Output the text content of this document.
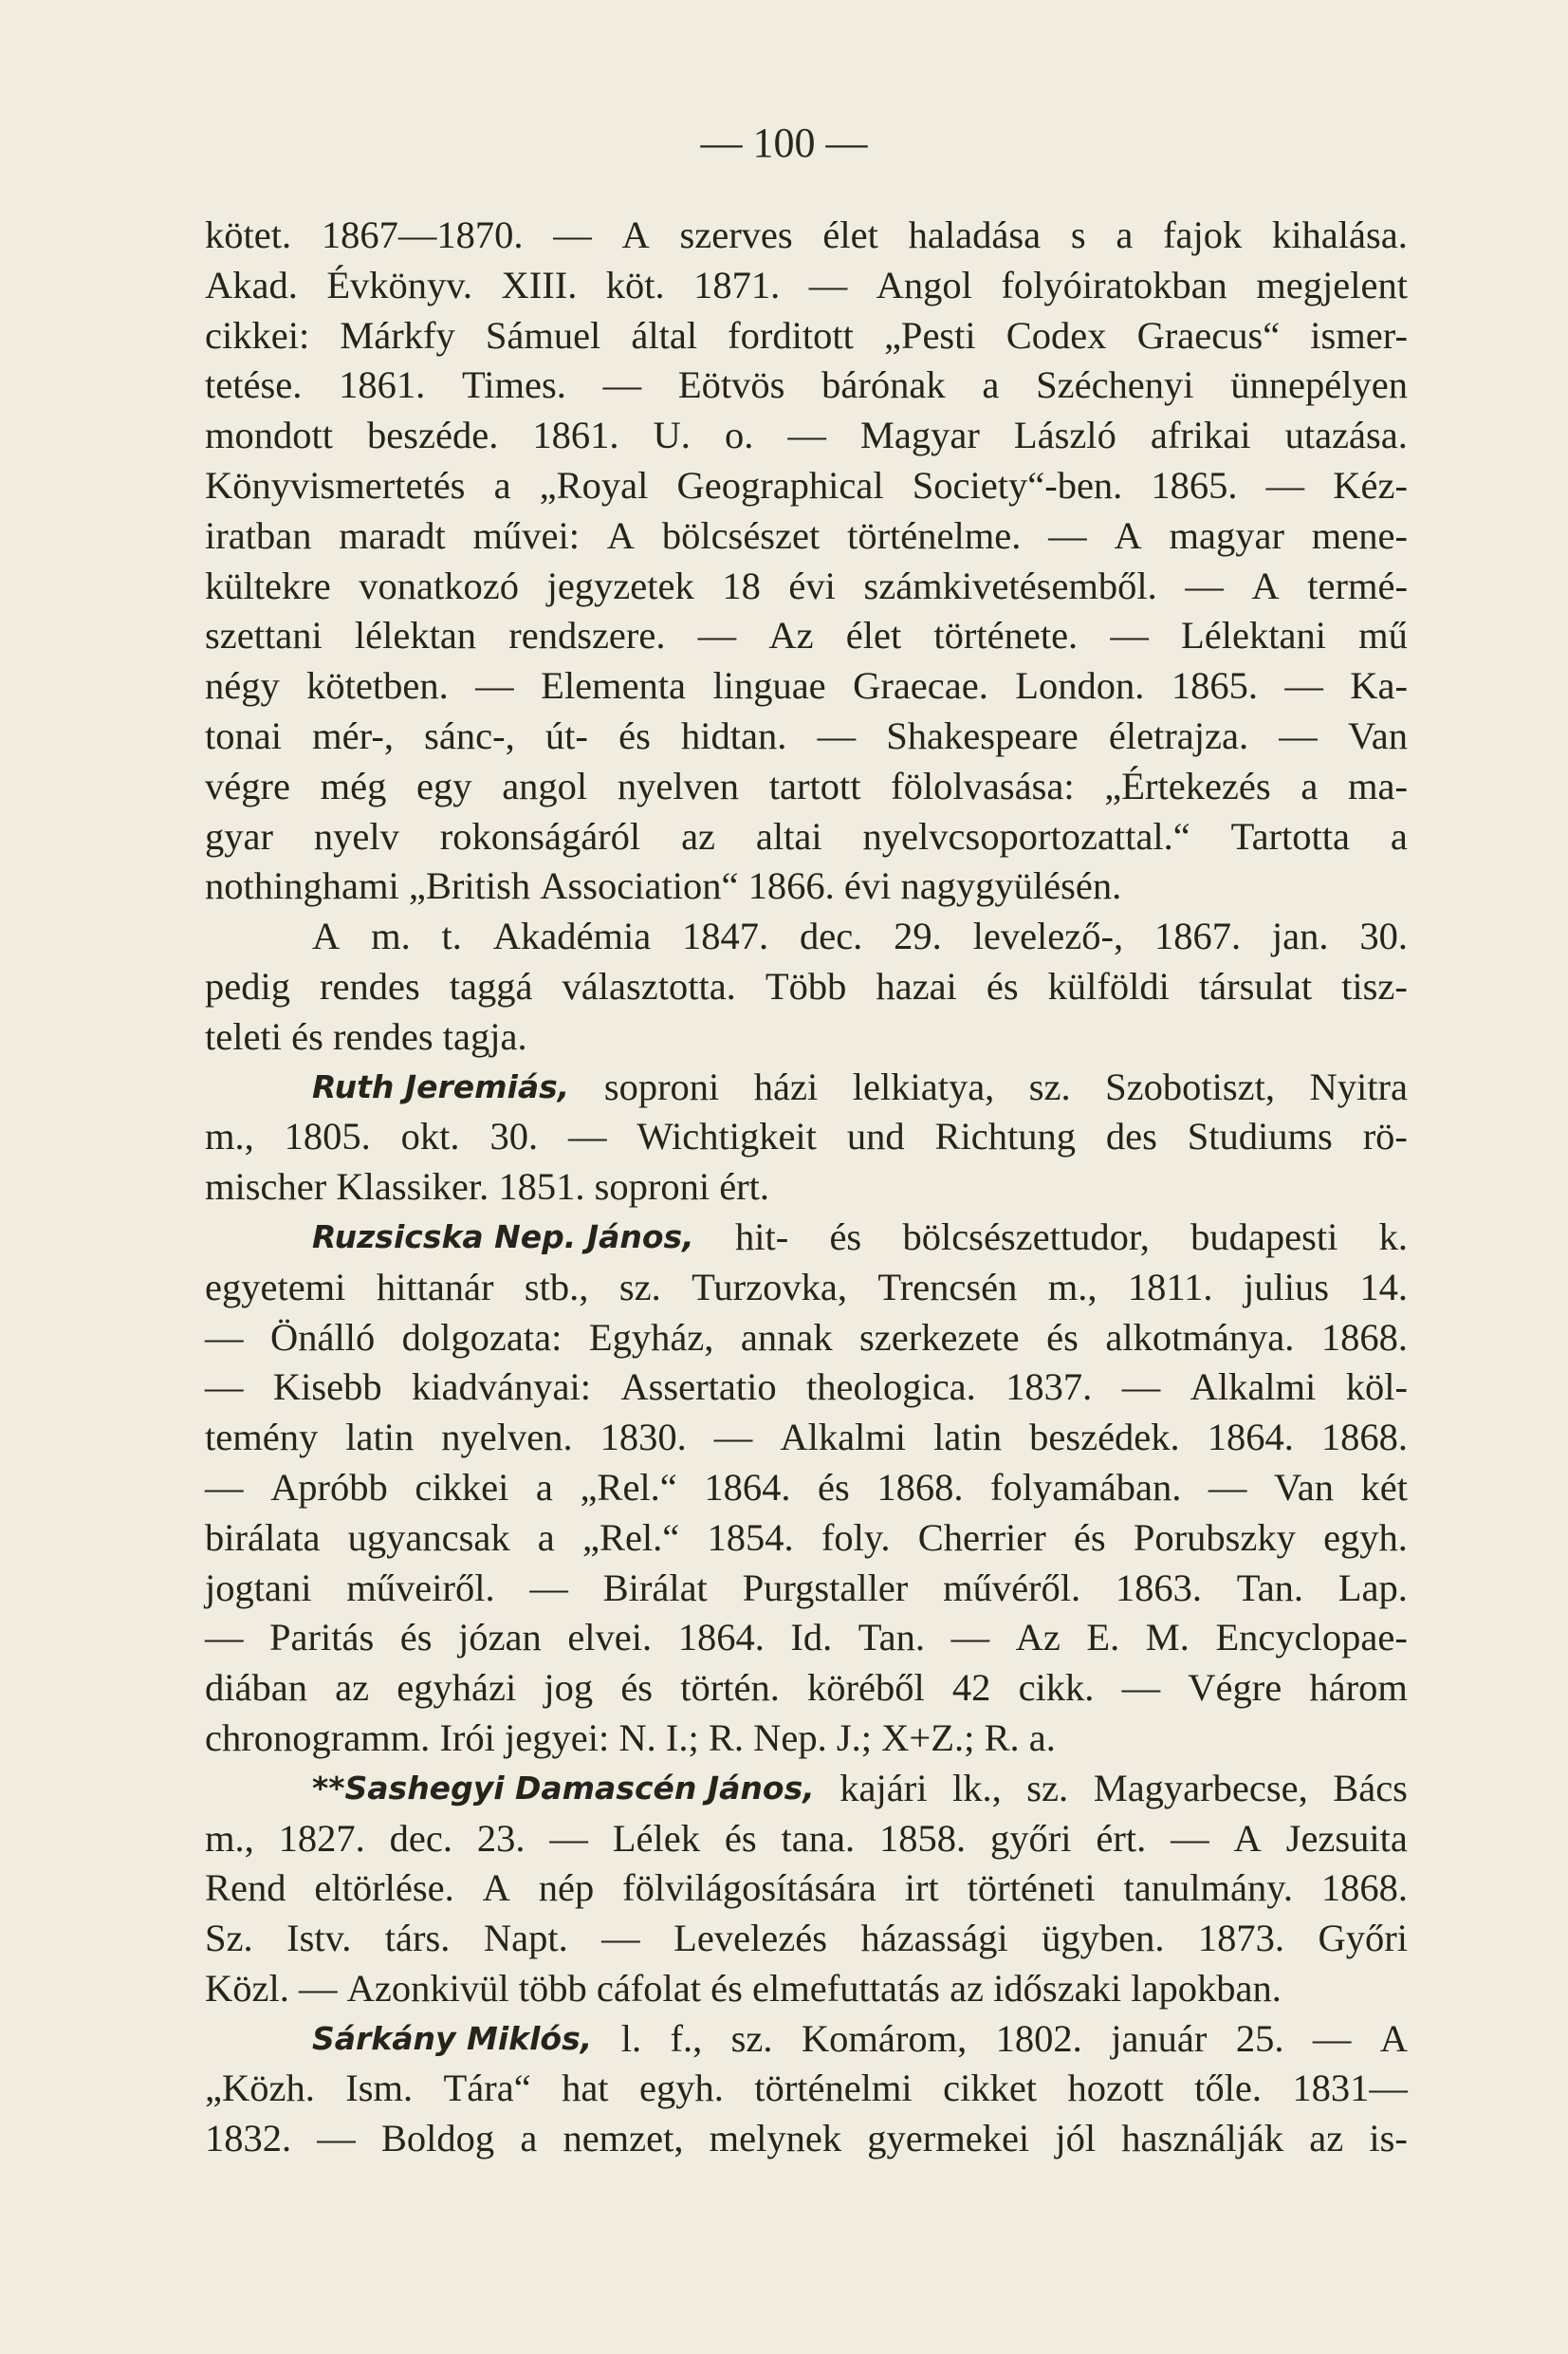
— 100 —
kötet. 1867—1870. — A szerves élet haladása s a fajok kihalása.
Akad. Évkönyv. XIII. köt. 1871. — Angol folyóiratokban megjelent
cikkei: Márkfy Sámuel által forditott „Pesti Codex Graecus“ ismer-
tetése. 1861. Times. — Eötvös bárónak a Széchenyi ünnepélyen
mondott beszéde. 1861. U. o. — Magyar László afrikai utazása.
Könyvismertetés a „Royal Geographical Society“-ben. 1865. — Kéz-
iratban maradt művei: A bölcsészet történelme. — A magyar mene-
kültekre vonatkozó jegyzetek 18 évi számkivetésemből. — A termé-
szettani lélektan rendszere. — Az élet története. — Lélektani mű
négy kötetben. — Elementa linguae Graecae. London. 1865. — Ka-
tonai mér-, sánc-, út- és hidtan. — Shakespeare életrajza. — Van
végre még egy angol nyelven tartott fölolvasása: „Értekezés a ma-
gyar nyelv rokonságáról az altai nyelvcsoportozattal.“ Tartotta a
nothinghami „British Association“ 1866. évi nagygyülésén.
A m. t. Akadémia 1847. dec. 29. levelező-, 1867. jan. 30.
pedig rendes taggá választotta. Több hazai és külföldi társulat tisz-
teleti és rendes tagja.
Ruth Jeremiás, soproni házi lelkiatya, sz. Szobotiszt, Nyitra
m., 1805. okt. 30. — Wichtigkeit und Richtung des Studiums rö-
mischer Klassiker. 1851. soproni ért.
Ruzsicska Nep. János, hit- és bölcsészettudor, budapesti k.
egyetemi hittanár stb., sz. Turzovka, Trencsén m., 1811. julius 14.
— Önálló dolgozata: Egyház, annak szerkezete és alkotmánya. 1868.
— Kisebb kiadványai: Assertatio theologica. 1837. — Alkalmi köl-
temény latin nyelven. 1830. — Alkalmi latin beszédek. 1864. 1868.
— Apróbb cikkei a „Rel.“ 1864. és 1868. folyamában. — Van két
birálata ugyancsak a „Rel.“ 1854. foly. Cherrier és Porubszky egyh.
jogtani műveiről. — Birálat Purgstaller művéről. 1863. Tan. Lap.
— Paritás és józan elvei. 1864. Id. Tan. — Az E. M. Encyclopae-
diában az egyházi jog és történ. köréből 42 cikk. — Végre három
chronogramm. Irói jegyei: N. I.; R. Nep. J.; X+Z.; R. a.
**Sashegyi Damascén János, kajári lk., sz. Magyarbecse, Bács
m., 1827. dec. 23. — Lélek és tana. 1858. győri ért. — A Jezsuita
Rend eltörlése. A nép fölvilágosítására irt történeti tanulmány. 1868.
Sz. Istv. társ. Napt. — Levelezés házassági ügyben. 1873. Győri
Közl. — Azonkivül több cáfolat és elmefuttatás az időszaki lapokban.
Sárkány Miklós, l. f., sz. Komárom, 1802. január 25. — A
„Közh. Ism. Tára“ hat egyh. történelmi cikket hozott tőle. 1831—
1832. — Boldog a nemzet, melynek gyermekei jól használják az is-
